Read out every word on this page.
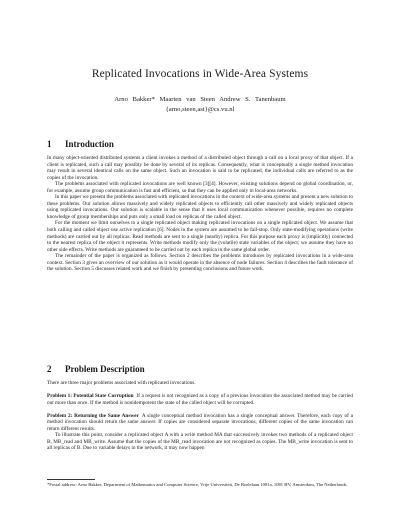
Replicated Invocations in Wide-Area Systems
Arno Bakker* Maarten van Steen Andrew S. Tanenbaum
{arno,steen,ast}@cs.vu.nl
1 Introduction

In many object-oriented distributed systems a client invokes a method of a distributed object through a call on a local proxy of that object. If a client is replicated, such a call may possibly be done by several of its replicas. Consequently, what is conceptually a single method invocation may result in several identical calls on the same object. Such an invocation is said to be replicated, the individual calls are referred to as the copies of the invocation.

The problems associated with replicated invocations are well known [3][4]. However, existing solutions depend on global coordination, or, for example, assume group communication is fast and efficient, so that they can be applied only in local-area networks.

In this paper we present the problems associated with replicated invocations in the context of wide-area systems and present a new solution to these problems. Our solution allows massively and widely replicated objects to efficiently call other massively and widely replicated objects using replicated invocations. Our solution is scalable in the sense that it uses local communication whenever possible, requires no complete knowledge of group memberships and puts only a small load on replicas of the called object.

For the moment we limit ourselves to a single replicated object making replicated invocations on a single replicated object. We assume that both calling and called object use active replication [6]. Nodes in the system are assumed to be fail-stop. Only state-modifying operations (write methods) are carried out by all replicas. Read methods are sent to a single (nearby) replica. For this purpose each proxy is (implicitly) connected to the nearest replica of the object it represents. Write methods modify only the (volatile) state variables of the object; we assume they have no other side effects. Write methods are guaranteed to be carried out by each replica in the same global order.

The remainder of the paper is organized as follows. Section 2 describes the problems introduces by replicated invocations in a wide-area context. Section 3 gives an overview of our solution as it would operate in the absence of node failures. Section 4 describes the fault tolerance of the solution. Section 5 discusses related work and we finish by presenting conclusions and future work.

2 Problem Description

There are three major problems associated with replicated invocations.

Problem 1: Potential State Corruption If a request is not recognized as a copy of a previous invocation the associated method may be carried out more than once. If the method is nonidempotent the state of the called object will be corrupted.

Problem 2: Returning the Same Answer A single conceptual method invocation has a single conceptual answer. Therefore, each copy of a method invocation should return the same answer. If copies are considered separate invocations, different copies of the same invocation can return different results.

To illustrate this point, consider a replicated object A with a write method MA that successively invokes two methods of a replicated object B, MB_read and MB_write. Assume that the copies of the MB_read invocation are not recognized as copies. The MB_write invocation is sent to all replicas of B. Due to variable delays in the network, it may now happen

*Postal address: Arno Bakker, Department of Mathematics and Computer Science, Vrije Universiteit, De Boelelaan 1081a, 1081 HV, Amsterdam, The Netherlands.
